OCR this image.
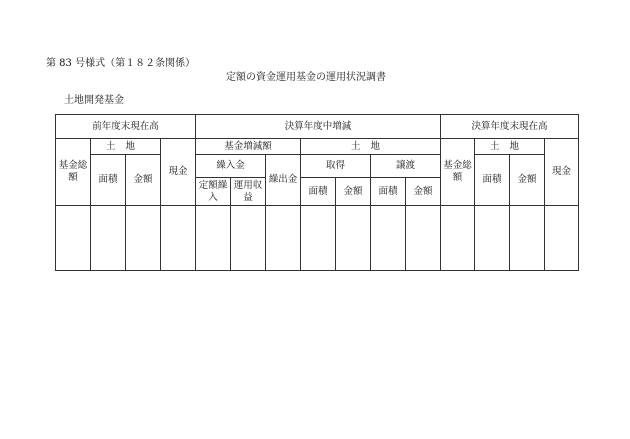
第 83 号様式（第１８２条関係）
定額の資金運用基金の運用状況調書
土地開発基金
前年度末現在高				決算年度中増減							決算年度末現在高			
基金総額	土地		現金	基金増減額			土地				基金総額	土地		現金
	面積	金額		繰入金		繰出金	取得		譲渡			面積	金額	
				定額繰入	運用収益		面積	金額	面積	金額				
